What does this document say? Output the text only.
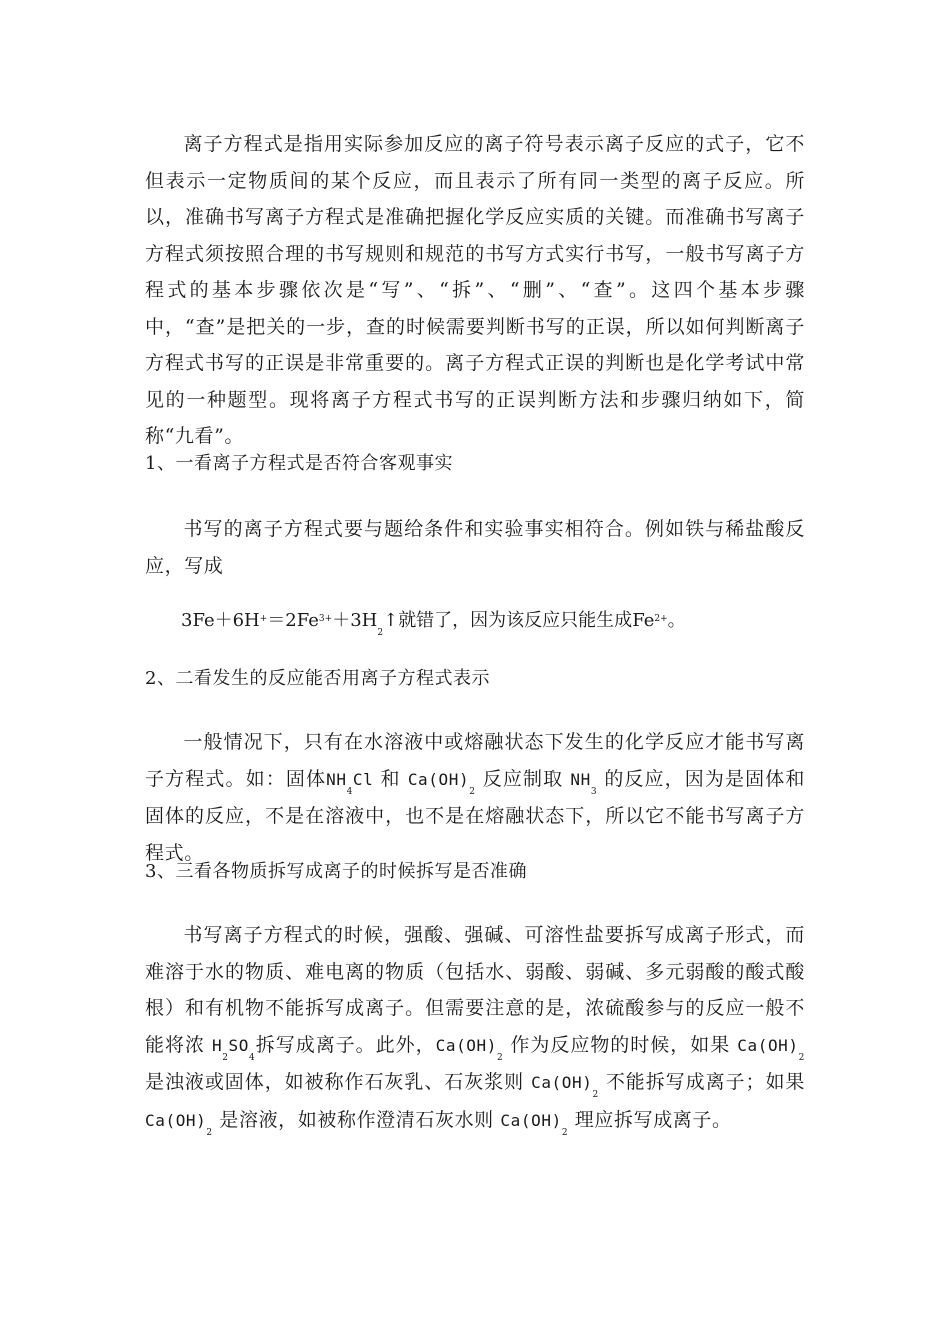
离子方程式是指用实际参加反应的离子符号表示离子反应的式子，它不但表示一定物质间的某个反应，而且表示了所有同一类型的离子反应。所以，准确书写离子方程式是准确把握化学反应实质的关键。而准确书写离子方程式须按照合理的书写规则和规范的书写方式实行书写，一般书写离子方程式的基本步骤依次是“写”、“拆”、“删”、“查”。这四个基本步骤中，“查”是把关的一步，查的时候需要判断书写的正误，所以如何判断离子方程式书写的正误是非常重要的。离子方程式正误的判断也是化学考试中常见的一种题型。现将离子方程式书写的正误判断方法和步骤归纳如下，简称“九看”。

1、一看离子方程式是否符合客观事实

书写的离子方程式要与题给条件和实验事实相符合。例如铁与稀盐酸反应，写成

$3Fe+6H^+=2Fe^{3+}+3H_2↑$就错了，因为该反应只能生成$Fe^{2+}$。

2、二看发生的反应能否用离子方程式表示

一般情况下，只有在水溶液中或熔融状态下发生的化学反应才能书写离子方程式。如：固体$NH_4Cl$ 和 $Ca(OH)_2$ 反应制取 $NH_3$ 的反应，因为是固体和固体的反应，不是在溶液中，也不是在熔融状态下，所以它不能书写离子方程式。

3、三看各物质拆写成离子的时候拆写是否准确

书写离子方程式的时候，强酸、强碱、可溶性盐要拆写成离子形式，而难溶于水的物质、难电离的物质（包括水、弱酸、弱碱、多元弱酸的酸式酸根）和有机物不能拆写成离子。但需要注意的是，浓硫酸参与的反应一般不能将浓 $H_2SO_4$拆写成离子。此外，$Ca(OH)_2$ 作为反应物的时候，如果 $Ca(OH)_2$ 是浊液或固体，如被称作石灰乳、石灰浆则 $Ca(OH)_2$ 不能拆写成离子；如果 $Ca(OH)_2$ 是溶液，如被称作澄清石灰水则 $Ca(OH)_2$ 理应拆写成离子。
